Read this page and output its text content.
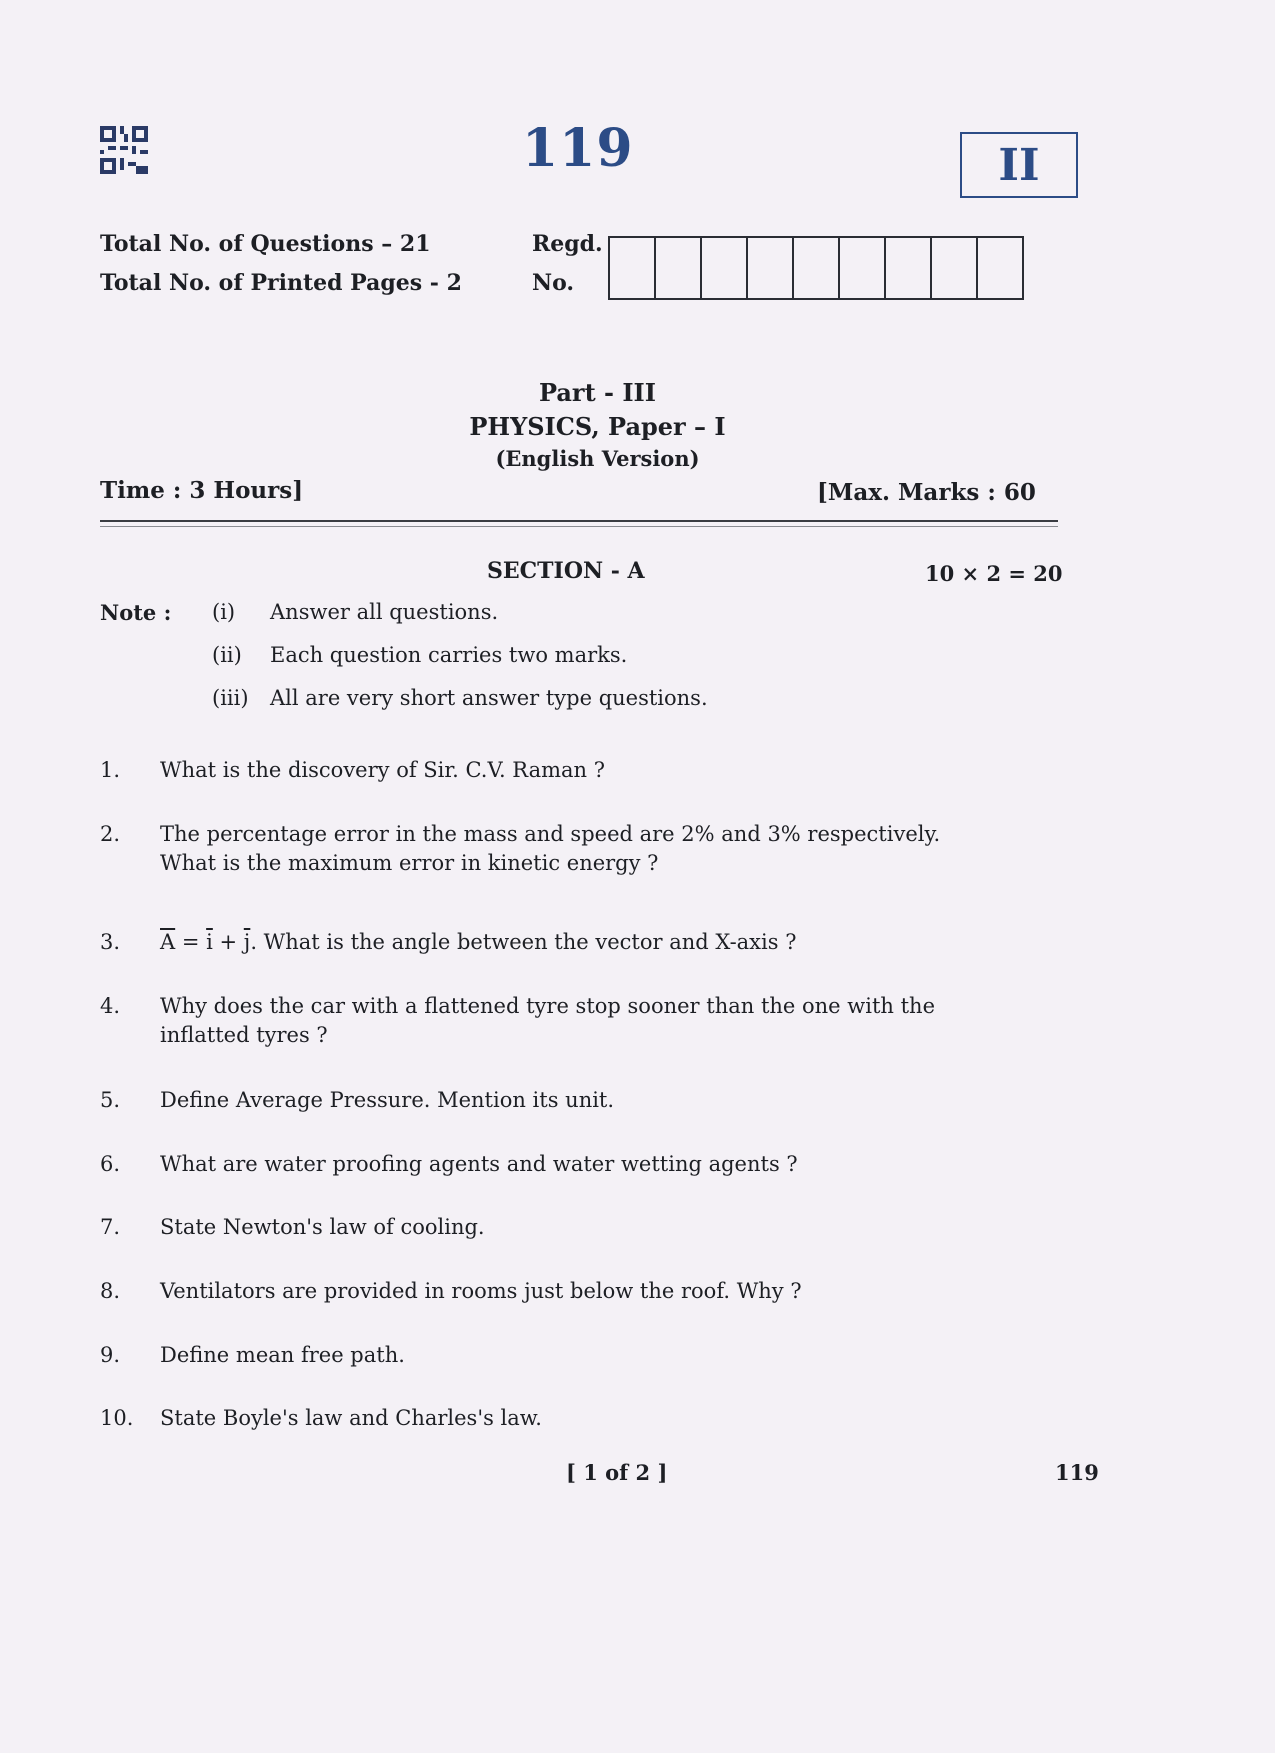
119	II
Total No. of Questions – 21
Total No. of Printed Pages - 2
Regd.
No.
Part - III
PHYSICS, Paper – I
(English Version)
Time : 3 Hours]	[Max. Marks : 60
SECTION - A	10 × 2 = 20
Note : (i) Answer all questions.
(ii) Each question carries two marks.
(iii) All are very short answer type questions.
1.	What is the discovery of Sir. C.V. Raman ?
2.	The percentage error in the mass and speed are 2% and 3% respectively.
What is the maximum error in kinetic energy ?
3.	$\overline{A} = \overline{i} + \overline{j}$. What is the angle between the vector and X-axis ?
4.	Why does the car with a flattened tyre stop sooner than the one with the
inflatted tyres ?
5.	Define Average Pressure. Mention its unit.
6.	What are water proofing agents and water wetting agents ?
7.	State Newton's law of cooling.
8.	Ventilators are provided in rooms just below the roof. Why ?
9.	Define mean free path.
10.	State Boyle's law and Charles's law.
[ 1 of 2 ]	119
